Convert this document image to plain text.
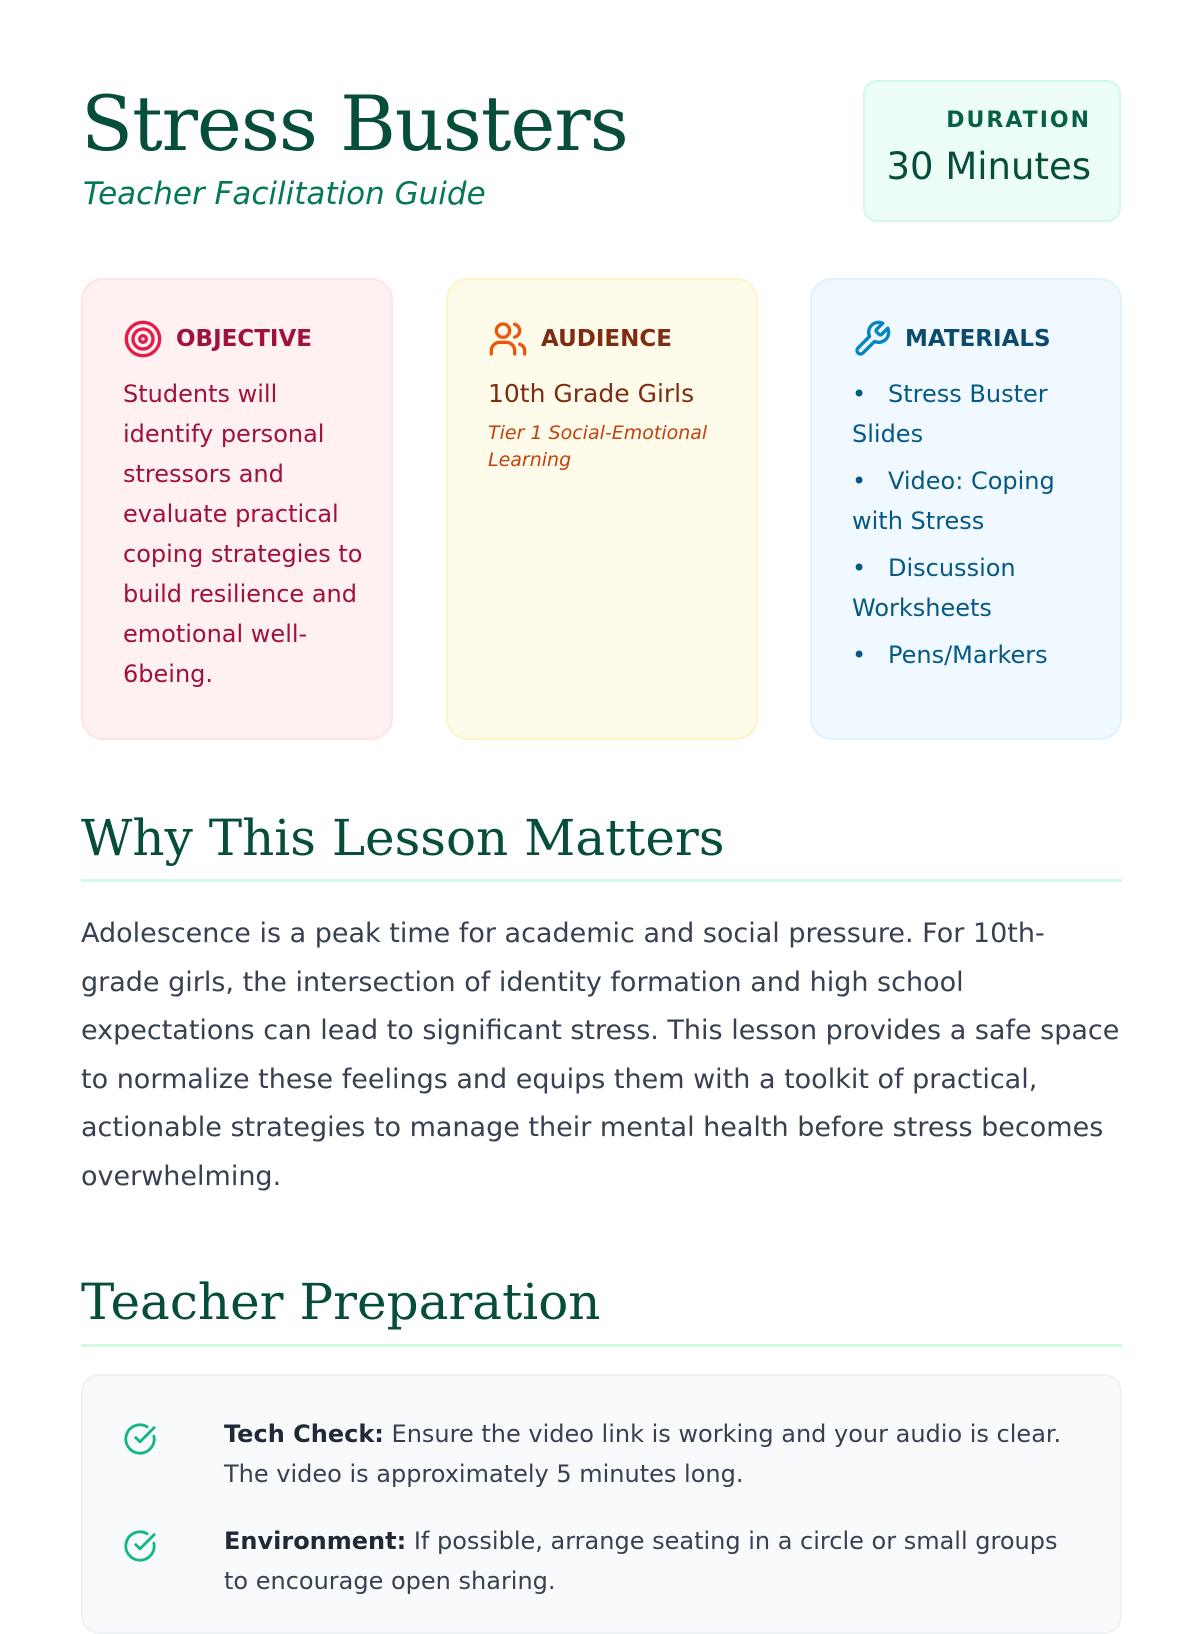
Stress Busters
Teacher Facilitation Guide
DURATION
30 Minutes
OBJECTIVE
Students will identify personal stressors and evaluate practical coping strategies to build resilience and emotional well-6being.
AUDIENCE
10th Grade Girls
Tier 1 Social-Emotional Learning
MATERIALS
• Stress Buster Slides
• Video: Coping with Stress
• Discussion Worksheets
• Pens/Markers
Why This Lesson Matters

Adolescence is a peak time for academic and social pressure. For 10th-grade girls, the intersection of identity formation and high school expectations can lead to significant stress. This lesson provides a safe space to normalize these feelings and equips them with a toolkit of practical, actionable strategies to manage their mental health before stress becomes overwhelming.

Teacher Preparation
Tech Check: Ensure the video link is working and your audio is clear. The video is approximately 5 minutes long.
Environment: If possible, arrange seating in a circle or small groups to encourage open sharing.
